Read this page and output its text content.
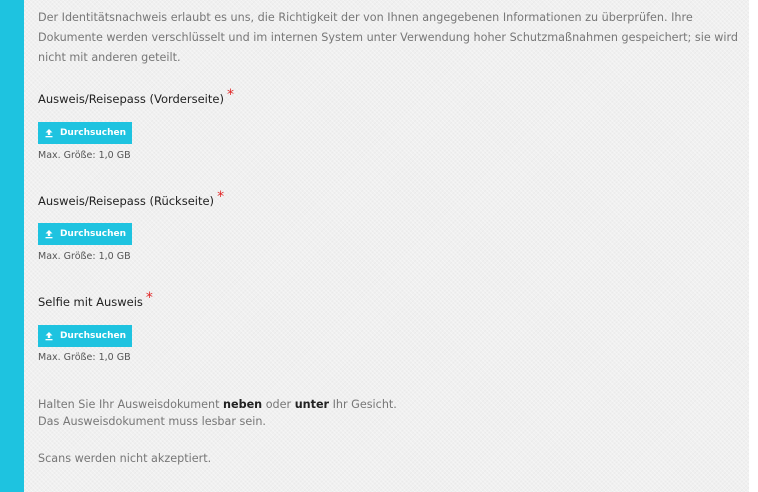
Der Identitätsnachweis erlaubt es uns, die Richtigkeit der von Ihnen angegebenen Informationen zu überprüfen. Ihre Dokumente werden verschlüsselt und im internen System unter Verwendung hoher Schutzmaßnahmen gespeichert; sie wird nicht mit anderen geteilt.

Ausweis/Reisepass (Vorderseite) *
Durchsuchen
Max. Größe: 1,0 GB
Ausweis/Reisepass (Rückseite) *
Durchsuchen
Max. Größe: 1,0 GB
Selfie mit Ausweis *
Durchsuchen
Max. Größe: 1,0 GB
Halten Sie Ihr Ausweisdokument neben oder unter Ihr Gesicht.
Das Ausweisdokument muss lesbar sein.
Scans werden nicht akzeptiert.
